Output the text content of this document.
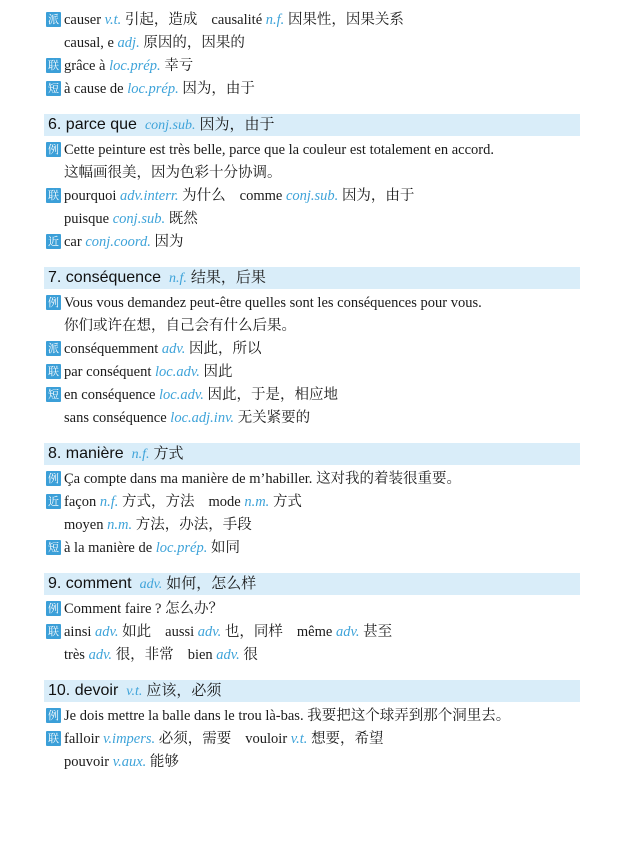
派 causer v.t. 引起，造成 causalité n.f. 因果性，因果关系
causal, e adj. 原因的，因果的
联 grâce à loc.prép. 幸亏
短 à cause de loc.prép. 因为，由于
6. parce que conj.sub. 因为，由于
例 Cette peinture est très belle, parce que la couleur est totalement en accord.
这幅画很美，因为色彩十分协调。
联 pourquoi adv.interr. 为什么 comme conj.sub. 因为，由于
puisque conj.sub. 既然
近 car conj.coord. 因为
7. conséquence n.f. 结果，后果
例 Vous vous demandez peut-être quelles sont les conséquences pour vous.
你们或许在想，自己会有什么后果。
派 conséquemment adv. 因此，所以
联 par conséquent loc.adv. 因此
短 en conséquence loc.adv. 因此，于是，相应地
sans conséquence loc.adj.inv. 无关紧要的
8. manière n.f. 方式
例 Ça compte dans ma manière de m’habiller. 这对我的着装很重要。
近 façon n.f. 方式，方法 mode n.m. 方式
moyen n.m. 方法，办法，手段
短 à la manière de loc.prép. 如同
9. comment adv. 如何，怎么样
例 Comment faire ? 怎么办？
联 ainsi adv. 如此 aussi adv. 也，同样 même adv. 甚至
très adv. 很，非常 bien adv. 很
10. devoir v.t. 应该，必须
例 Je dois mettre la balle dans le trou là-bas. 我要把这个球弄到那个洞里去。
联 falloir v.impers. 必须，需要 vouloir v.t. 想要，希望
pouvoir v.aux. 能够
